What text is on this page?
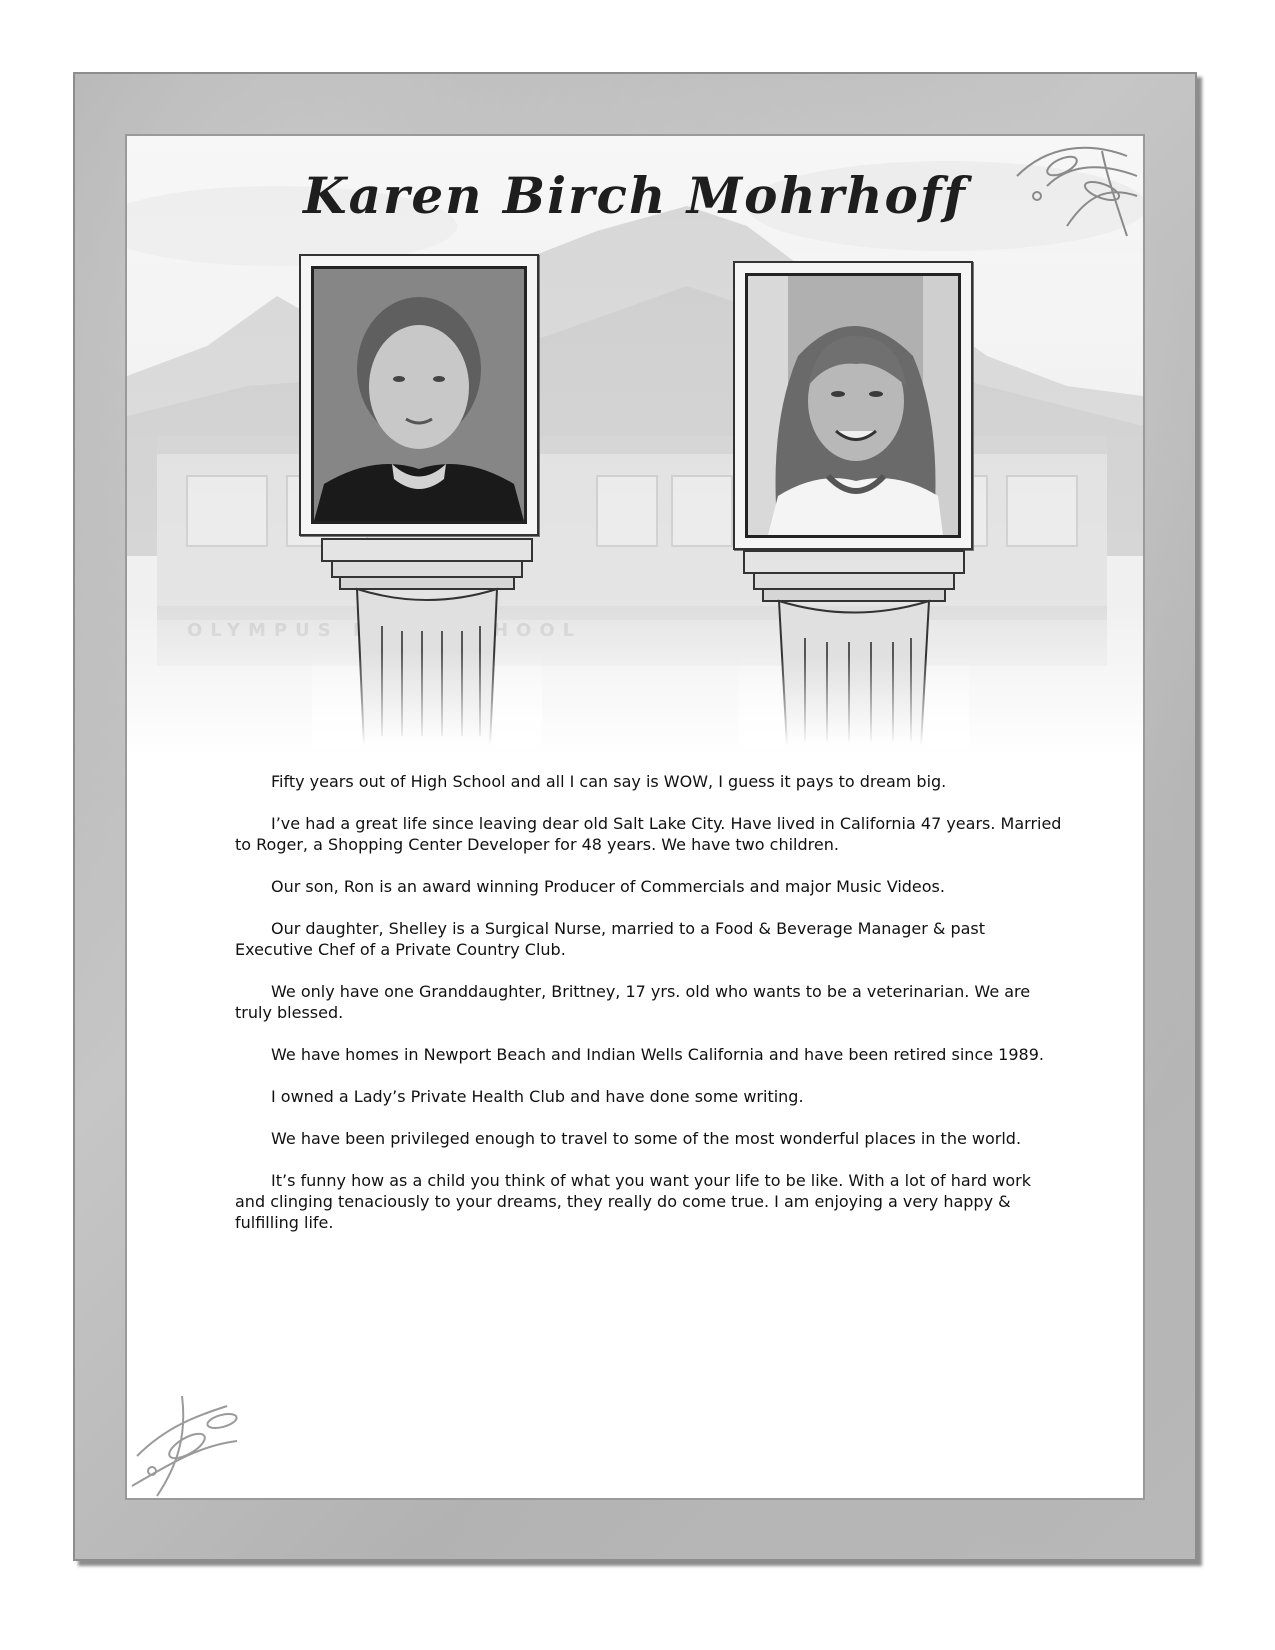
Karen Birch Mohrhoff

Fifty years out of High School and all I can say is WOW, I guess it pays to dream big.

I’ve had a great life since leaving dear old Salt Lake City. Have lived in California 47 years. Married to Roger, a Shopping Center Developer for 48 years. We have two children.

Our son, Ron is an award winning Producer of Commercials and major Music Videos.

Our daughter, Shelley is a Surgical Nurse, married to a Food & Beverage Manager & past Executive Chef of a Private Country Club.

We only have one Granddaughter, Brittney, 17 yrs. old who wants to be a veterinarian. We are truly blessed.

We have homes in Newport Beach and Indian Wells California and have been retired since 1989.

I owned a Lady’s Private Health Club and have done some writing.

We have been privileged enough to travel to some of the most wonderful places in the world.

It’s funny how as a child you think of what you want your life to be like. With a lot of hard work and clinging tenaciously to your dreams, they really do come true. I am enjoying a very happy & fulfilling life.
